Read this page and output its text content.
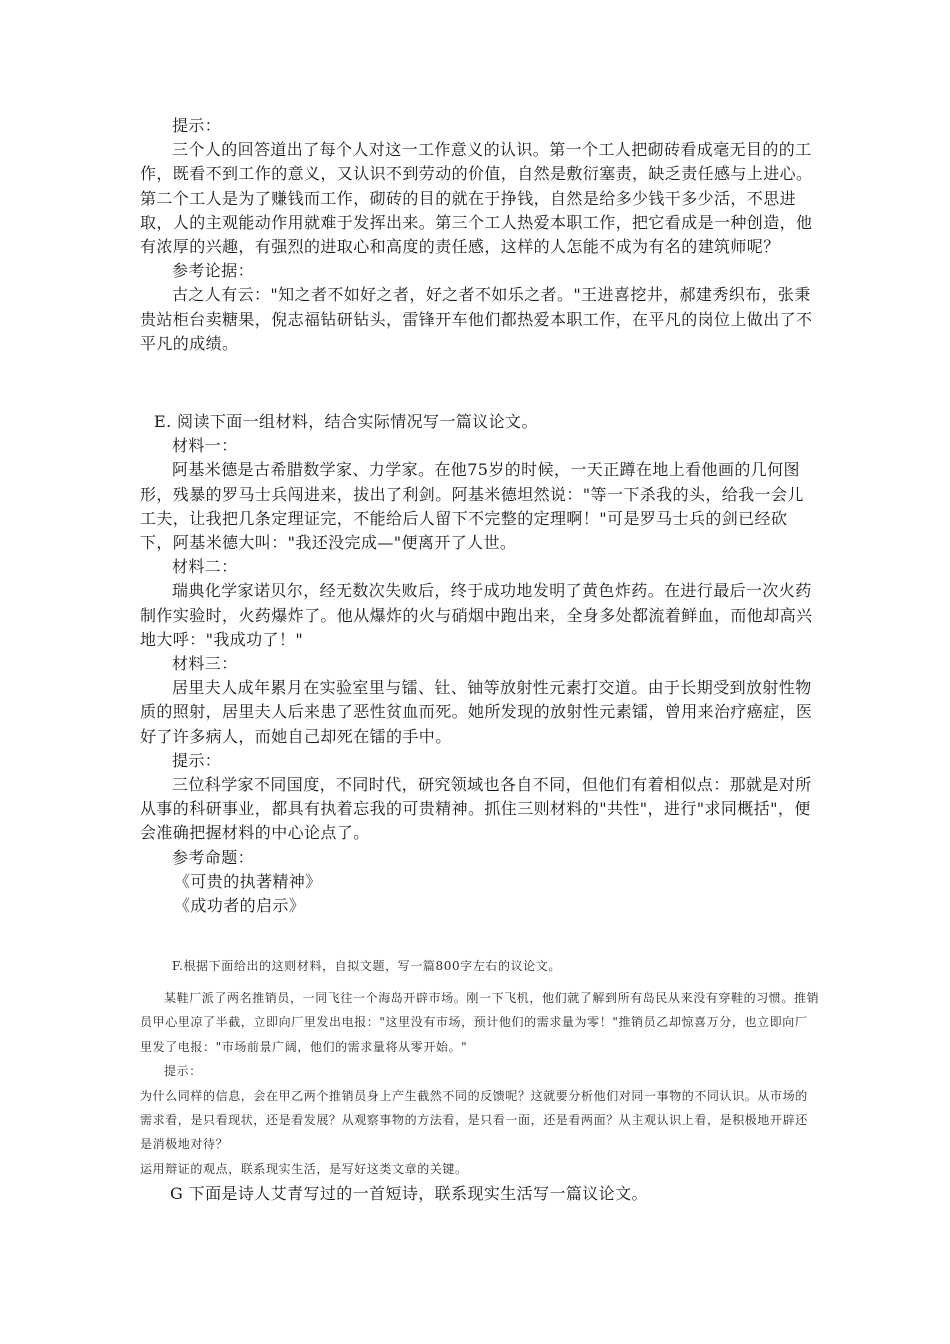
提示：

三个人的回答道出了每个人对这一工作意义的认识。第一个工人把砌砖看成毫无目的的工作，既看不到工作的意义，又认识不到劳动的价值，自然是敷衍塞责，缺乏责任感与上进心。第二个工人是为了赚钱而工作，砌砖的目的就在于挣钱，自然是给多少钱干多少活，不思进取，人的主观能动作用就难于发挥出来。第三个工人热爱本职工作，把它看成是一种创造，他有浓厚的兴趣，有强烈的进取心和高度的责任感，这样的人怎能不成为有名的建筑师呢？

参考论据：

古之人有云："知之者不如好之者，好之者不如乐之者。"王进喜挖井，郝建秀织布，张秉贵站柜台卖糖果，倪志福钻研钻头，雷锋开车他们都热爱本职工作，在平凡的岗位上做出了不平凡的成绩。

E. 阅读下面一组材料，结合实际情况写一篇议论文。

材料一：

阿基米德是古希腊数学家、力学家。在他75岁的时候，一天正蹲在地上看他画的几何图形，残暴的罗马士兵闯进来，拔出了利剑。阿基米德坦然说："等一下杀我的头，给我一会儿工夫，让我把几条定理证完，不能给后人留下不完整的定理啊！"可是罗马士兵的剑已经砍下，阿基米德大叫："我还没完成—"便离开了人世。

材料二：

瑞典化学家诺贝尔，经无数次失败后，终于成功地发明了黄色炸药。在进行最后一次火药制作实验时，火药爆炸了。他从爆炸的火与硝烟中跑出来，全身多处都流着鲜血，而他却高兴地大呼："我成功了！"

材料三：

居里夫人成年累月在实验室里与镭、钍、铀等放射性元素打交道。由于长期受到放射性物质的照射，居里夫人后来患了恶性贫血而死。她所发现的放射性元素镭，曾用来治疗癌症，医好了许多病人，而她自己却死在镭的手中。

提示：

三位科学家不同国度，不同时代，研究领域也各自不同，但他们有着相似点：那就是对所从事的科研事业，都具有执着忘我的可贵精神。抓住三则材料的"共性"，进行"求同概括"，便会准确把握材料的中心论点了。

参考命题：

《可贵的执著精神》

《成功者的启示》

F.根据下面给出的这则材料，自拟文题，写一篇800字左右的议论文。

某鞋厂派了两名推销员，一同飞往一个海岛开辟市场。刚一下飞机，他们就了解到所有岛民从来没有穿鞋的习惯。推销员甲心里凉了半截，立即向厂里发出电报："这里没有市场，预计他们的需求量为零！"推销员乙却惊喜万分，也立即向厂里发了电报："市场前景广阔，他们的需求量将从零开始。"

提示：

为什么同样的信息，会在甲乙两个推销员身上产生截然不同的反馈呢？这就要分析他们对同一事物的不同认识。从市场的需求看，是只看现状，还是看发展？从观察事物的方法看，是只看一面，还是看两面？从主观认识上看，是积极地开辟还是消极地对待？

运用辩证的观点，联系现实生活，是写好这类文章的关键。

G 下面是诗人艾青写过的一首短诗，联系现实生活写一篇议论文。
